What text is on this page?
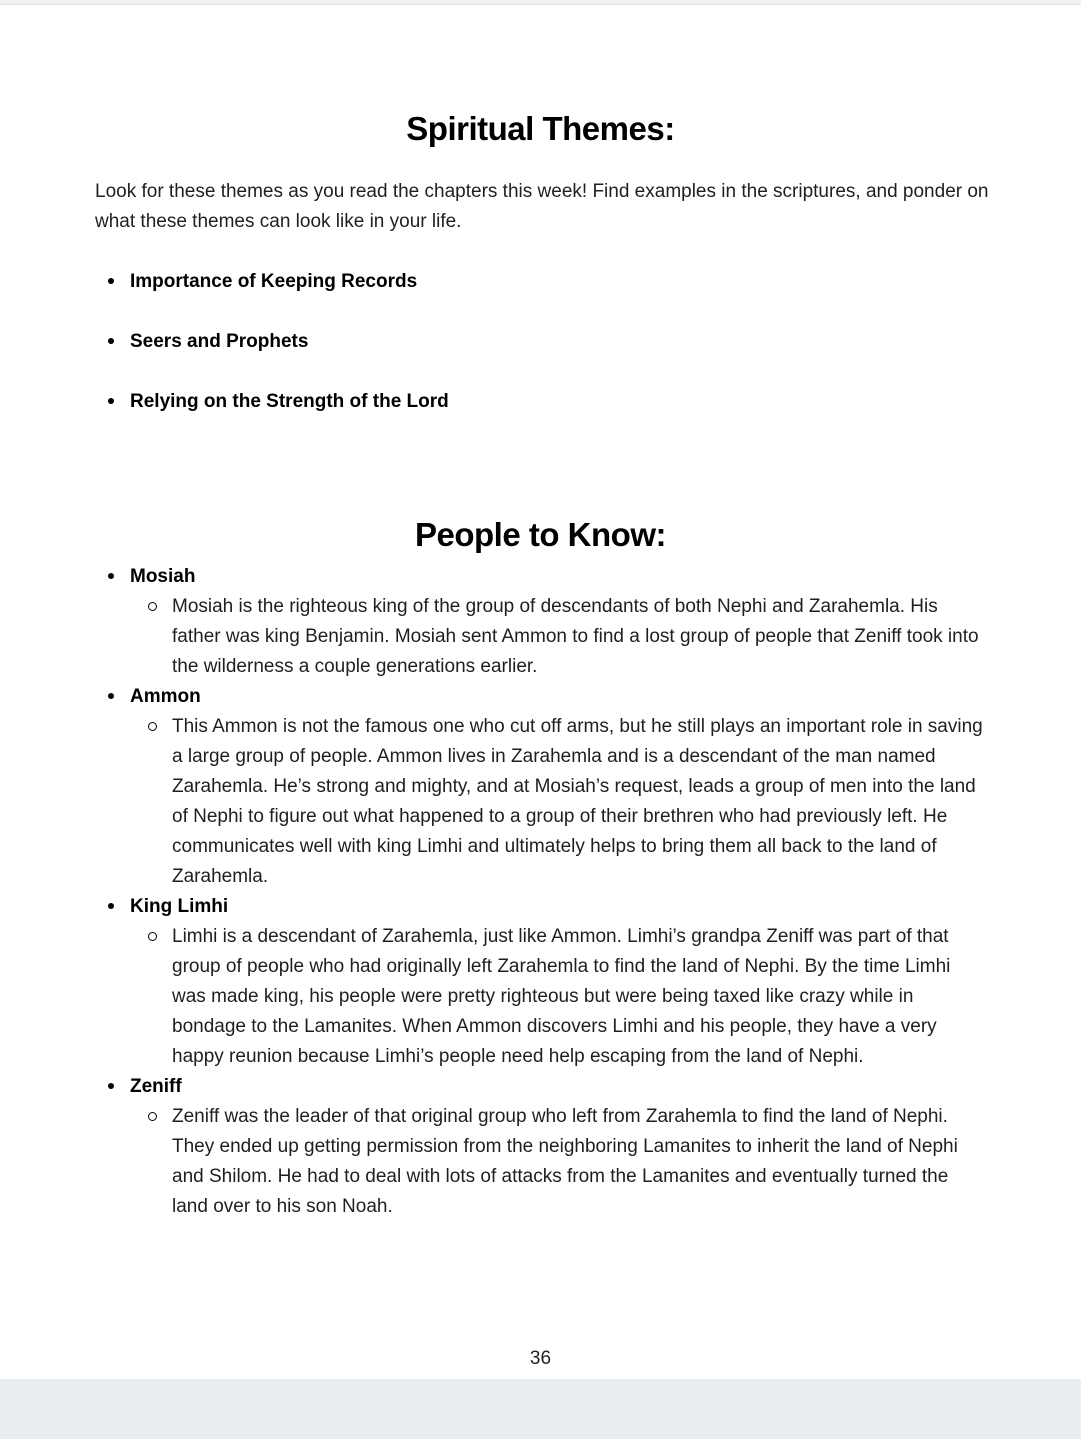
Spiritual Themes:

Look for these themes as you read the chapters this week! Find examples in the scriptures, and ponder on what these themes can look like in your life.

Importance of Keeping Records
Seers and Prophets
Relying on the Strength of the Lord
People to Know:
Mosiah

Mosiah is the righteous king of the group of descendants of both Nephi and Zarahemla. His father was king Benjamin. Mosiah sent Ammon to find a lost group of people that Zeniff took into the wilderness a couple generations earlier.

Ammon

This Ammon is not the famous one who cut off arms, but he still plays an important role in saving a large group of people. Ammon lives in Zarahemla and is a descendant of the man named Zarahemla. He’s strong and mighty, and at Mosiah’s request, leads a group of men into the land of Nephi to figure out what happened to a group of their brethren who had previously left. He communicates well with king Limhi and ultimately helps to bring them all back to the land of Zarahemla.

King Limhi

Limhi is a descendant of Zarahemla, just like Ammon. Limhi’s grandpa Zeniff was part of that group of people who had originally left Zarahemla to find the land of Nephi. By the time Limhi was made king, his people were pretty righteous but were being taxed like crazy while in bondage to the Lamanites. When Ammon discovers Limhi and his people, they have a very happy reunion because Limhi’s people need help escaping from the land of Nephi.

Zeniff

Zeniff was the leader of that original group who left from Zarahemla to find the land of Nephi. They ended up getting permission from the neighboring Lamanites to inherit the land of Nephi and Shilom. He had to deal with lots of attacks from the Lamanites and eventually turned the land over to his son Noah.

36
